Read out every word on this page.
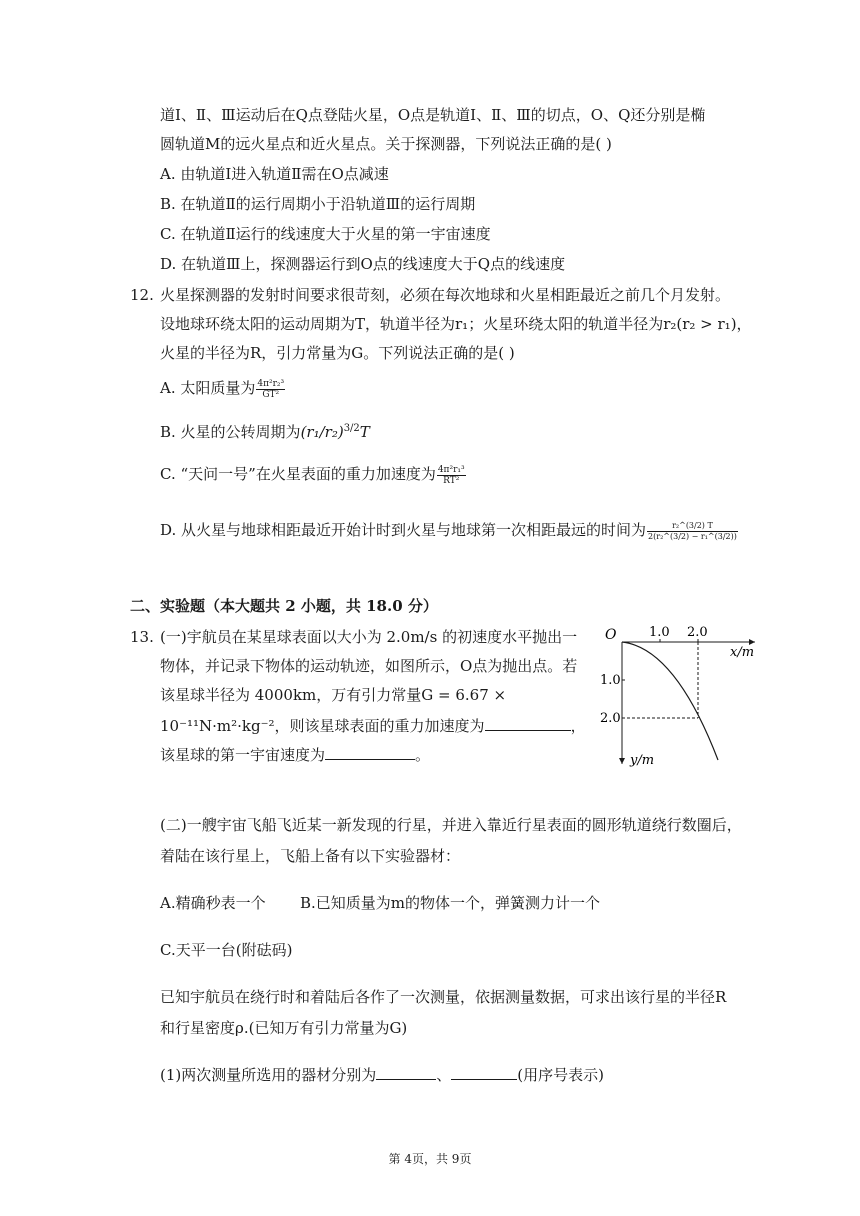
道Ⅰ、Ⅱ、Ⅲ运动后在Q点登陆火星，O点是轨道Ⅰ、Ⅱ、Ⅲ的切点，O、Q还分别是椭
圆轨道M的远火星点和近火星点。关于探测器，下列说法正确的是( )
A. 由轨道Ⅰ进入轨道Ⅱ需在O点减速
B. 在轨道Ⅱ的运行周期小于沿轨道Ⅲ的运行周期
C. 在轨道Ⅱ运行的线速度大于火星的第一宇宙速度
D. 在轨道Ⅲ上，探测器运行到O点的线速度大于Q点的线速度
12. 火星探测器的发射时间要求很苛刻，必须在每次地球和火星相距最近之前几个月发射。
设地球环绕太阳的运动周期为T，轨道半径为r₁；火星环绕太阳的轨道半径为r₂(r₂ > r₁)，
火星的半径为R，引力常量为G。下列说法正确的是( )
A. 太阳质量为 $\frac{\text{4π²r₂³}}{\text{GT²}}$
B. 火星的公转周期为$(r_1/r_2)^{3/2}T$
C. “天问一号”在火星表面的重力加速度为 $\frac{\text{4π²r₁³}}{\text{RT²}}$
D. 从火星与地球相距最近开始计时到火星与地球第一次相距最远的时间为 $\frac{\text{r₂\textasciicircum{}(3/2) T}}{\text{2(r₂\textasciicircum{}(3/2) − r₁\textasciicircum{}(3/2))}}$
二、实验题（本大题共 2 小题，共 18.0 分）
13. (一)宇航员在某星球表面以大小为 2.0m/s 的初速度水平抛出一
物体，并记录下物体的运动轨迹，如图所示，O点为抛出点。若
该星球半径为 4000km，万有引力常量G = 6.67 ×
10⁻¹¹N·m²·kg⁻²，则该星球表面的重力加速度为	，
该星球的第一宇宙速度为	。
O	1.0 2.0
x/m
1.0
2.0
y/m
(二)一艘宇宙飞船飞近某一新发现的行星，并进入靠近行星表面的圆形轨道绕行数圈后，
着陆在该行星上，飞船上备有以下实验器材：
A.精确秒表一个 B.已知质量为m的物体一个，弹簧测力计一个
C.天平一台(附砝码)
已知宇航员在绕行时和着陆后各作了一次测量，依据测量数据，可求出该行星的半径R
和行星密度ρ.(已知万有引力常量为G)
(1)两次测量所选用的器材分别为	、	(用序号表示)
第 4页，共 9页
